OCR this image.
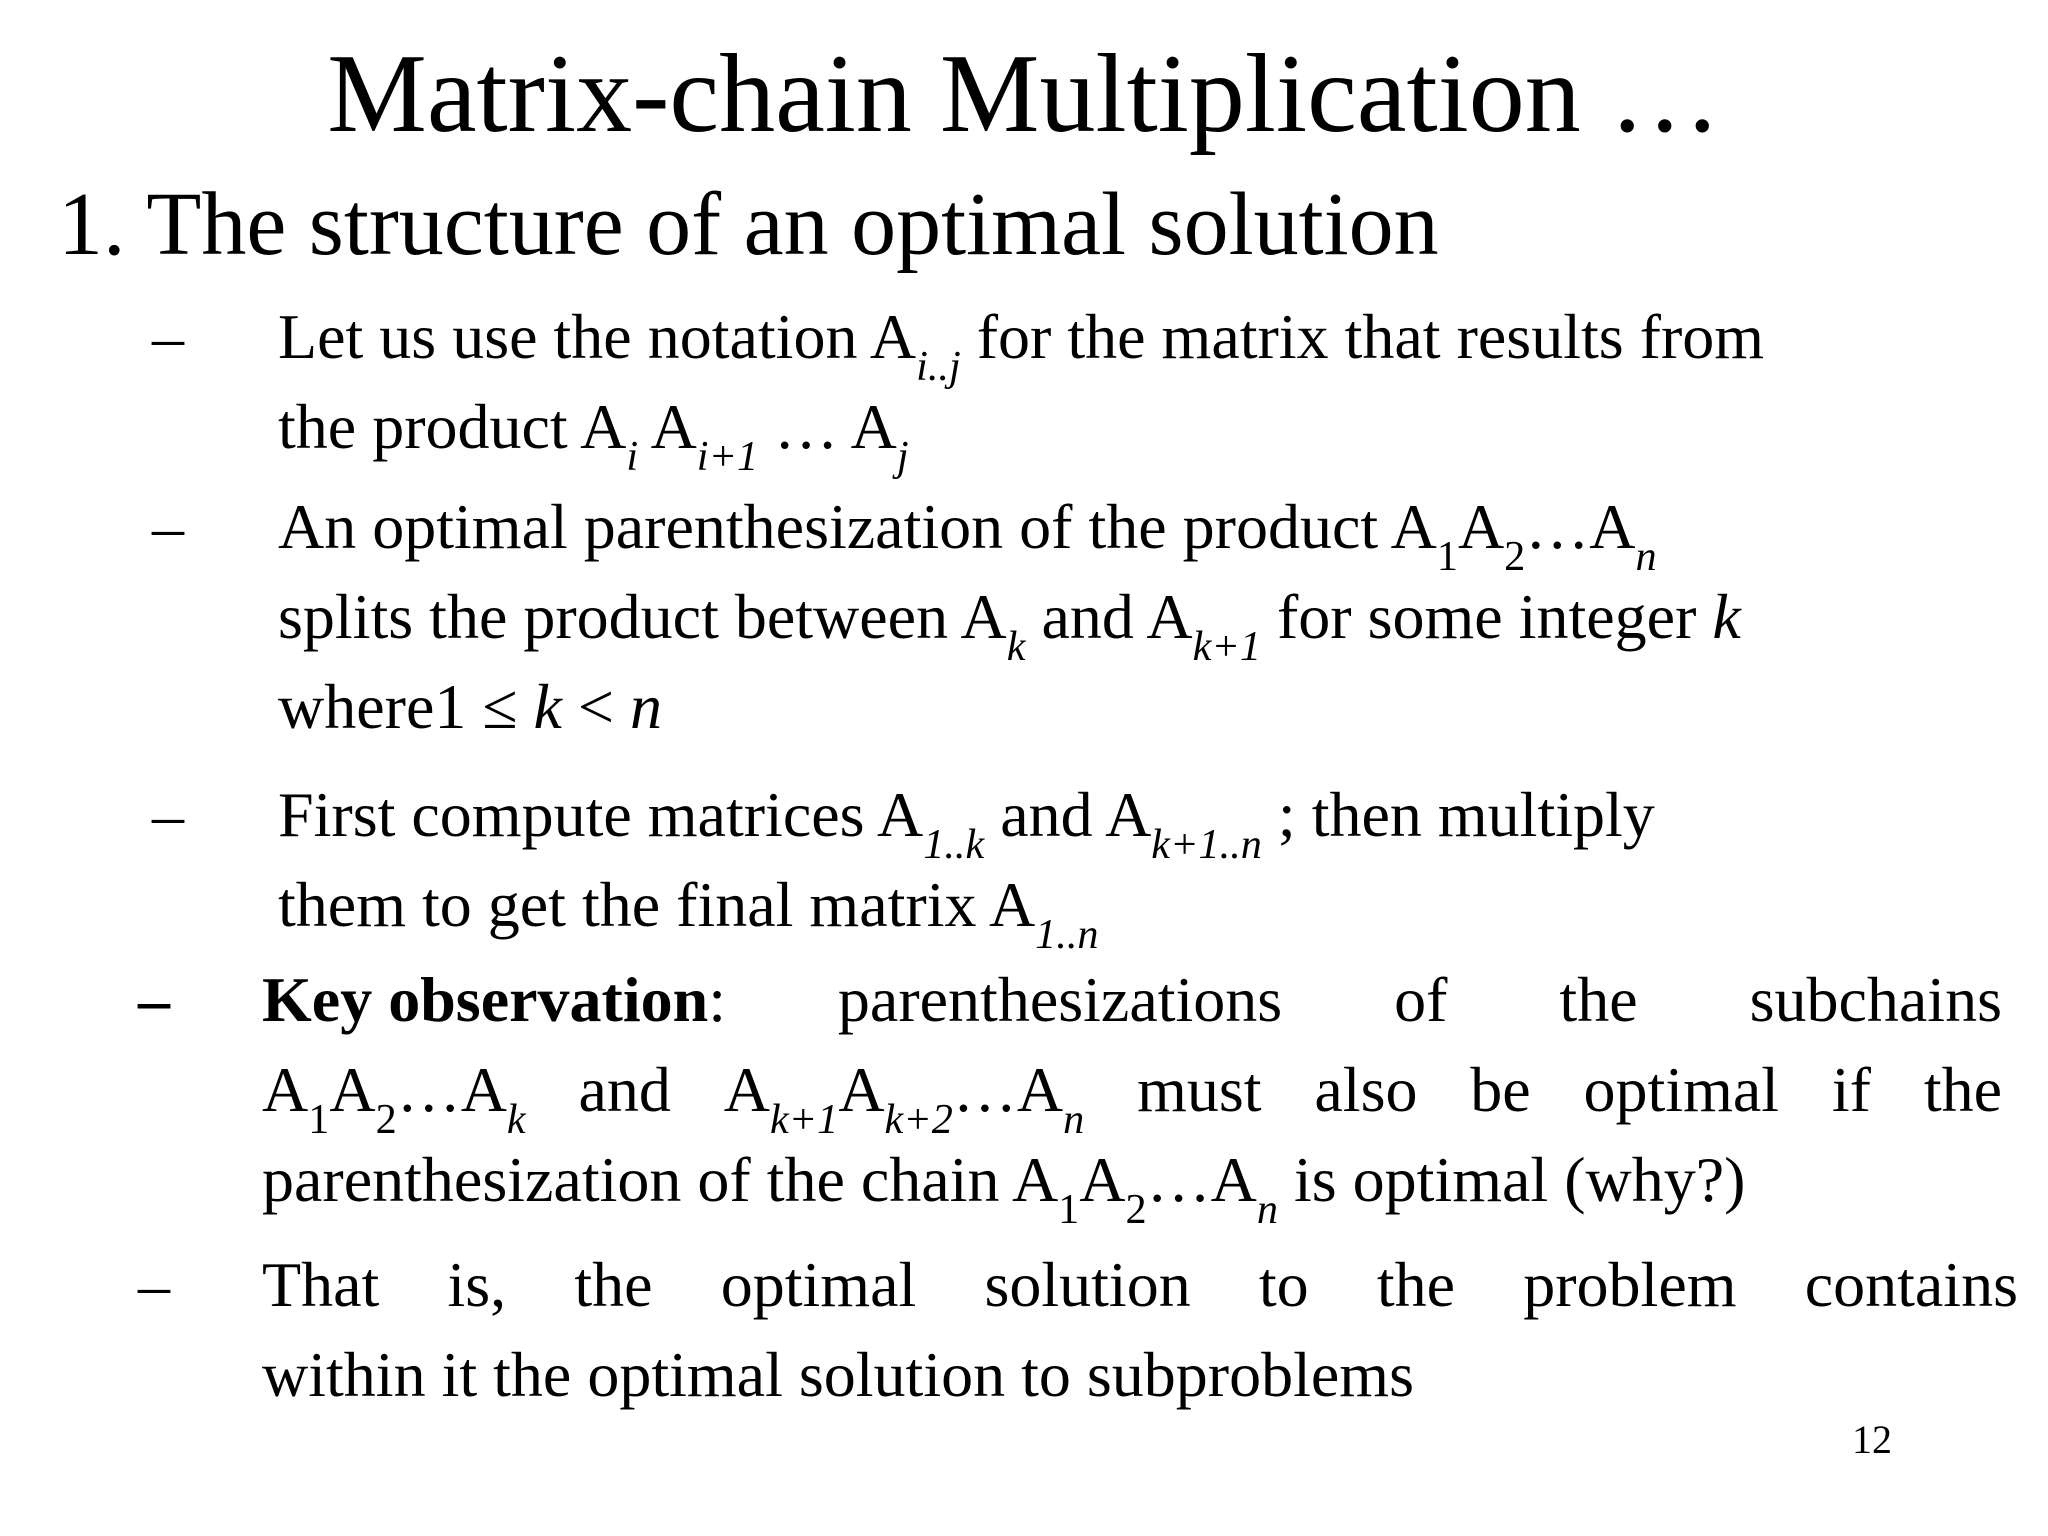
Matrix-chain Multiplication …
1. The structure of an optimal solution
– Let us use the notation $A_{i..j}$ for the matrix that results from
the product $A_i$ $A_{i+1}$ … $A_j$
– An optimal parenthesization of the product $A_1A_2\dots A_n$
splits the product between $A_k$ and $A_{k+1}$ for some integer k
where1 ≤ k < n
– First compute matrices $A_{1..k}$ and $A_{k+1..n}$ ; then multiply
them to get the final matrix $A_{1..n}$
– Key observation: parenthesizations of the subchains
$A_1A_2\dots A_k$ and $A_{k+1}A_{k+2}\dots A_n$ must also be optimal if the
parenthesization of the chain $A_1A_2\dots A_n$ is optimal (why?)
– That is, the optimal solution to the problem contains
within it the optimal solution to subproblems
12
